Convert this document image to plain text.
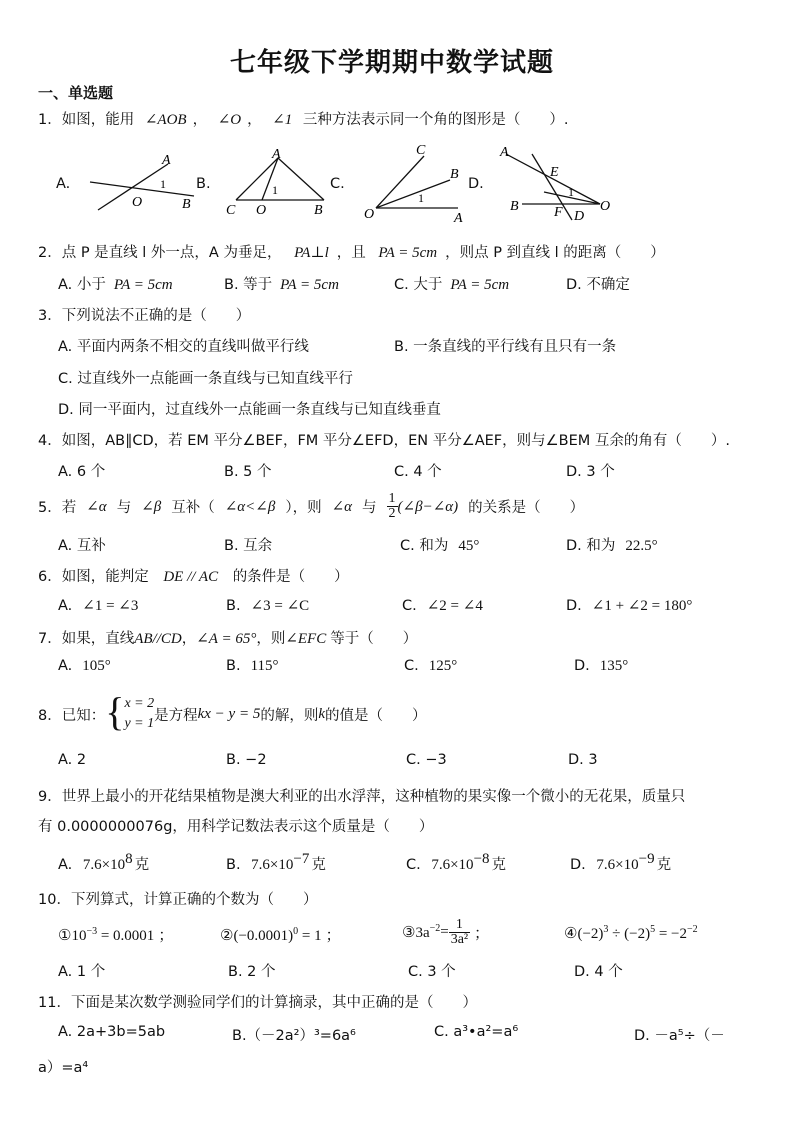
七年级下学期期中数学试题
一、单选题
1．如图，能用 ∠AOB ， ∠O ， ∠1 三种方法表示同一个角的图形是（　　）.
A.
A
O	B
1 B.
A
C O	B
1	C.
C
B
O	A
1
D.
A
E
B	F D
O
1
2．点 P 是直线 l 外一点，A 为垂足， PA⊥l ，且 PA = 5cm ，则点 P 到直线 l 的距离（　　）
A. 小于 PA = 5cm	B. 等于 PA = 5cm	C. 大于 PA = 5cm	D. 不确定
3．下列说法不正确的是（　　）
A. 平面内两条不相交的直线叫做平行线	B. 一条直线的平行线有且只有一条
C. 过直线外一点能画一条直线与已知直线平行
D. 同一平面内，过直线外一点能画一条直线与已知直线垂直
4．如图，AB∥CD，若 EM 平分∠BEF，FM 平分∠EFD，EN 平分∠AEF，则与∠BEM 互余的角有（　　）.
A. 6 个	B. 5 个	C. 4 个	D. 3 个
5．若 ∠α 与 ∠β 互补（ ∠α<∠β ），则 ∠α 与 $\frac{1}{2}$ (∠β−∠α) 的关系是（　　）
A. 互补	B. 互余	C. 和为 45°	D. 和为 22.5°
6．如图，能判定 DE // AC 的条件是（　　）
A. ∠1 = ∠3	B. ∠3 = ∠C	C. ∠2 = ∠4	D. ∠1 + ∠2 = 180°
7．如果，直线AB//CD，∠A = 65°，则∠EFC 等于（　　）
A. 105°	B. 115°	C. 125°	D. 135°
8．已知： { x = 2
y = 1 是方程 kx − y = 5 的解，则 k 的值是（　　）
A. 2	B. −2	C. −3	D. 3
9．世界上最小的开花结果植物是澳大利亚的出水浮萍，这种植物的果实像一个微小的无花果，质量只
有 0.0000000076g，用科学记数法表示这个质量是（　　）
A. $7.6\times 10^8$ 克	B. $7.6\times 10^{-7}$ 克	C. $7.6\times 10^{-8}$ 克	D. $7.6\times 10^{-9}$ 克
10．下列算式，计算正确的个数为（　　）
$①10^{-3} = 0.0001$ ；	$②(-0.0001)^0 = 1$ ；	$③3a^{-2} = \frac{1}{\text{3a²}}$ ；	$④(-2)^3 \div (-2)^5 = -2^{-2}$
A. 1 个	B. 2 个	C. 3 个	D. 4 个
11．下面是某次数学测验同学们的计算摘录，其中正确的是（　　）
A. 2a+3b=5ab	B.（－2a²）³=6a⁶	C. a³•a²=a⁶	D. －a⁵÷（－
a）=a⁴
